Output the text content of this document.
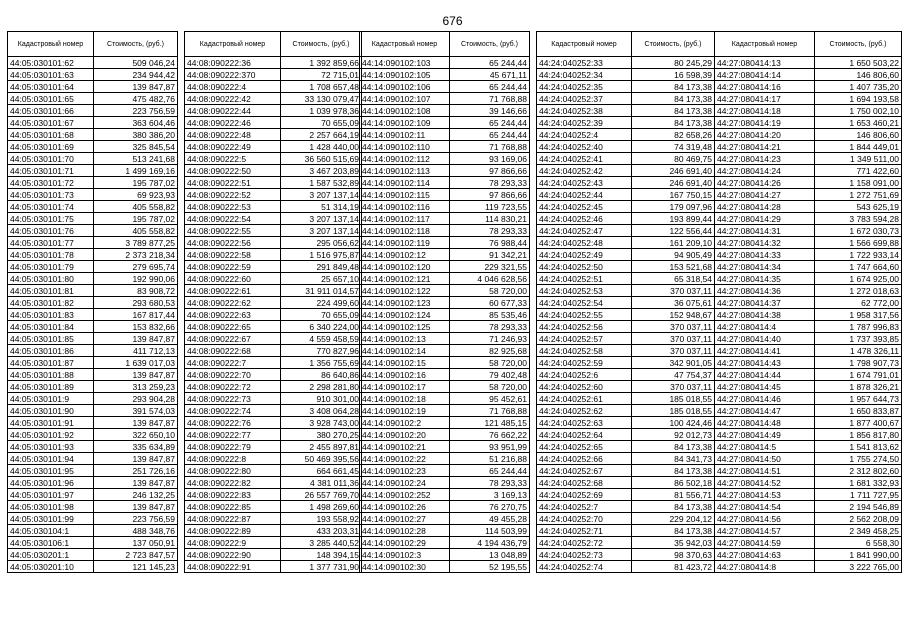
676
Кадастровый номер	Стоимость, (руб.)
44:05:030101:62	509 046,24
44:05:030101:63	234 944,42
44:05:030101:64	139 847,87
44:05:030101:65	475 482,76
44:05:030101:66	223 756,59
44:05:030101:67	363 604,46
44:05:030101:68	380 386,20
44:05:030101:69	325 845,54
44:05:030101:70	513 241,68
44:05:030101:71	1 499 169,16
44:05:030101:72	195 787,02
44:05:030101:73	69 923,93
44:05:030101:74	405 558,82
44:05:030101:75	195 787,02
44:05:030101:76	405 558,82
44:05:030101:77	3 789 877,25
44:05:030101:78	2 373 218,34
44:05:030101:79	279 695,74
44:05:030101:80	192 990,06
44:05:030101:81	83 908,72
44:05:030101:82	293 680,53
44:05:030101:83	167 817,44
44:05:030101:84	153 832,66
44:05:030101:85	139 847,87
44:05:030101:86	411 712,13
44:05:030101:87	1 639 017,03
44:05:030101:88	139 847,87
44:05:030101:89	313 259,23
44:05:030101:9	293 904,28
44:05:030101:90	391 574,03
44:05:030101:91	139 847,87
44:05:030101:92	322 650,10
44:05:030101:93	335 634,89
44:05:030101:94	139 847,87
44:05:030101:95	251 726,16
44:05:030101:96	139 847,87
44:05:030101:97	246 132,25
44:05:030101:98	139 847,87
44:05:030101:99	223 756,59
44:05:030104:1	488 348,76
44:05:030106:1	137 050,91
44:05:030201:1	2 723 847,57
44:05:030201:10	121 145,23
Кадастровый номер	Стоимость, (руб.)
44:08:090222:36	1 392 859,66
44:08:090222:370	72 715,01
44:08:090222:4	1 708 657,48
44:08:090222:42	33 130 079,47
44:08:090222:44	1 039 978,36
44:08:090222:46	70 655,09
44:08:090222:48	2 257 664,19
44:08:090222:49	1 428 440,00
44:08:090222:5	36 560 515,69
44:08:090222:50	3 467 203,89
44:08:090222:51	1 587 532,89
44:08:090222:52	3 207 137,14
44:08:090222:53	51 314,19
44:08:090222:54	3 207 137,14
44:08:090222:55	3 207 137,14
44:08:090222:56	295 056,62
44:08:090222:58	1 516 975,87
44:08:090222:59	291 849,48
44:08:090222:60	25 657,10
44:08:090222:61	31 911 014,57
44:08:090222:62	224 499,60
44:08:090222:63	70 655,09
44:08:090222:65	6 340 224,00
44:08:090222:67	4 559 458,59
44:08:090222:68	770 827,96
44:08:090222:7	1 356 755,69
44:08:090222:70	86 640,86
44:08:090222:72	2 298 281,80
44:08:090222:73	910 301,00
44:08:090222:74	3 408 064,28
44:08:090222:76	3 928 743,00
44:08:090222:77	380 270,25
44:08:090222:79	2 455 897,81
44:08:090222:8	50 469 395,56
44:08:090222:80	664 661,45
44:08:090222:82	4 381 011,36
44:08:090222:83	26 557 769,70
44:08:090222:85	1 498 269,60
44:08:090222:87	193 558,92
44:08:090222:89	433 203,31
44:08:090222:9	3 285 440,52
44:08:090222:90	148 394,15
44:08:090222:91	1 377 731,90
Кадастровый номер	Стоимость, (руб.)
44:14:090102:103	65 244,44
44:14:090102:105	45 671,11
44:14:090102:106	65 244,44
44:14:090102:107	71 768,88
44:14:090102:108	39 146,66
44:14:090102:109	65 244,44
44:14:090102:11	65 244,44
44:14:090102:110	71 768,88
44:14:090102:112	93 169,06
44:14:090102:113	97 866,66
44:14:090102:114	78 293,33
44:14:090102:115	97 866,66
44:14:090102:116	119 723,55
44:14:090102:117	114 830,21
44:14:090102:118	78 293,33
44:14:090102:119	76 988,44
44:14:090102:12	91 342,21
44:14:090102:120	229 321,55
44:14:090102:121	4 046 628,56
44:14:090102:122	58 720,00
44:14:090102:123	60 677,33
44:14:090102:124	85 535,46
44:14:090102:125	78 293,33
44:14:090102:13	71 246,93
44:14:090102:14	82 925,68
44:14:090102:15	58 720,00
44:14:090102:16	79 402,48
44:14:090102:17	58 720,00
44:14:090102:18	95 452,61
44:14:090102:19	71 768,88
44:14:090102:2	121 485,15
44:14:090102:20	76 662,22
44:14:090102:21	93 951,99
44:14:090102:22	51 216,88
44:14:090102:23	65 244,44
44:14:090102:24	78 293,33
44:14:090102:252	3 169,13
44:14:090102:26	76 270,75
44:14:090102:27	49 455,28
44:14:090102:28	114 503,99
44:14:090102:29	4 194 436,79
44:14:090102:3	13 048,89
44:14:090102:30	52 195,55
Кадастровый номер	Стоимость, (руб.)
44:24:040252:33	80 245,29
44:24:040252:34	16 598,39
44:24:040252:35	84 173,38
44:24:040252:37	84 173,38
44:24:040252:38	84 173,38
44:24:040252:39	84 173,38
44:24:040252:4	82 658,26
44:24:040252:40	74 319,48
44:24:040252:41	80 469,75
44:24:040252:42	246 691,40
44:24:040252:43	246 691,40
44:24:040252:44	167 750,15
44:24:040252:45	179 097,96
44:24:040252:46	193 899,44
44:24:040252:47	122 556,44
44:24:040252:48	161 209,10
44:24:040252:49	94 905,49
44:24:040252:50	153 521,68
44:24:040252:51	65 318,54
44:24:040252:53	370 037,11
44:24:040252:54	36 075,61
44:24:040252:55	152 948,67
44:24:040252:56	370 037,11
44:24:040252:57	370 037,11
44:24:040252:58	370 037,11
44:24:040252:59	342 901,05
44:24:040252:6	47 754,37
44:24:040252:60	370 037,11
44:24:040252:61	185 018,55
44:24:040252:62	185 018,55
44:24:040252:63	100 424,46
44:24:040252:64	92 012,73
44:24:040252:65	84 173,38
44:24:040252:66	84 341,73
44:24:040252:67	84 173,38
44:24:040252:68	86 502,18
44:24:040252:69	81 556,71
44:24:040252:7	84 173,38
44:24:040252:70	229 204,12
44:24:040252:71	84 173,38
44:24:040252:72	35 942,03
44:24:040252:73	98 370,63
44:24:040252:74	81 423,72
Кадастровый номер	Стоимость, (руб.)
44:27:080414:13	1 650 503,22
44:27:080414:14	146 806,60
44:27:080414:16	1 407 735,20
44:27:080414:17	1 694 193,58
44:27:080414:18	1 750 002,10
44:27:080414:19	1 653 460,21
44:27:080414:20	146 806,60
44:27:080414:21	1 844 449,01
44:27:080414:23	1 349 511,00
44:27:080414:24	771 422,60
44:27:080414:26	1 158 091,00
44:27:080414:27	1 272 751,69
44:27:080414:28	543 625,19
44:27:080414:29	3 783 594,28
44:27:080414:31	1 672 030,73
44:27:080414:32	1 566 699,88
44:27:080414:33	1 722 933,14
44:27:080414:34	1 747 664,60
44:27:080414:35	1 674 925,00
44:27:080414:36	1 272 018,63
44:27:080414:37	62 772,00
44:27:080414:38	1 958 317,56
44:27:080414:4	1 787 996,83
44:27:080414:40	1 737 393,85
44:27:080414:41	1 478 326,11
44:27:080414:43	1 798 907,73
44:27:080414:44	1 674 791,01
44:27:080414:45	1 878 326,21
44:27:080414:46	1 957 644,73
44:27:080414:47	1 650 833,87
44:27:080414:48	1 877 400,67
44:27:080414:49	1 856 817,80
44:27:080414:5	1 541 813,62
44:27:080414:50	1 755 274,50
44:27:080414:51	2 312 802,60
44:27:080414:52	1 681 332,93
44:27:080414:53	1 711 727,95
44:27:080414:54	2 194 546,89
44:27:080414:56	2 562 208,09
44:27:080414:57	2 349 458,25
44:27:080414:59	6 558,30
44:27:080414:63	1 841 990,00
44:27:080414:8	3 222 765,00
